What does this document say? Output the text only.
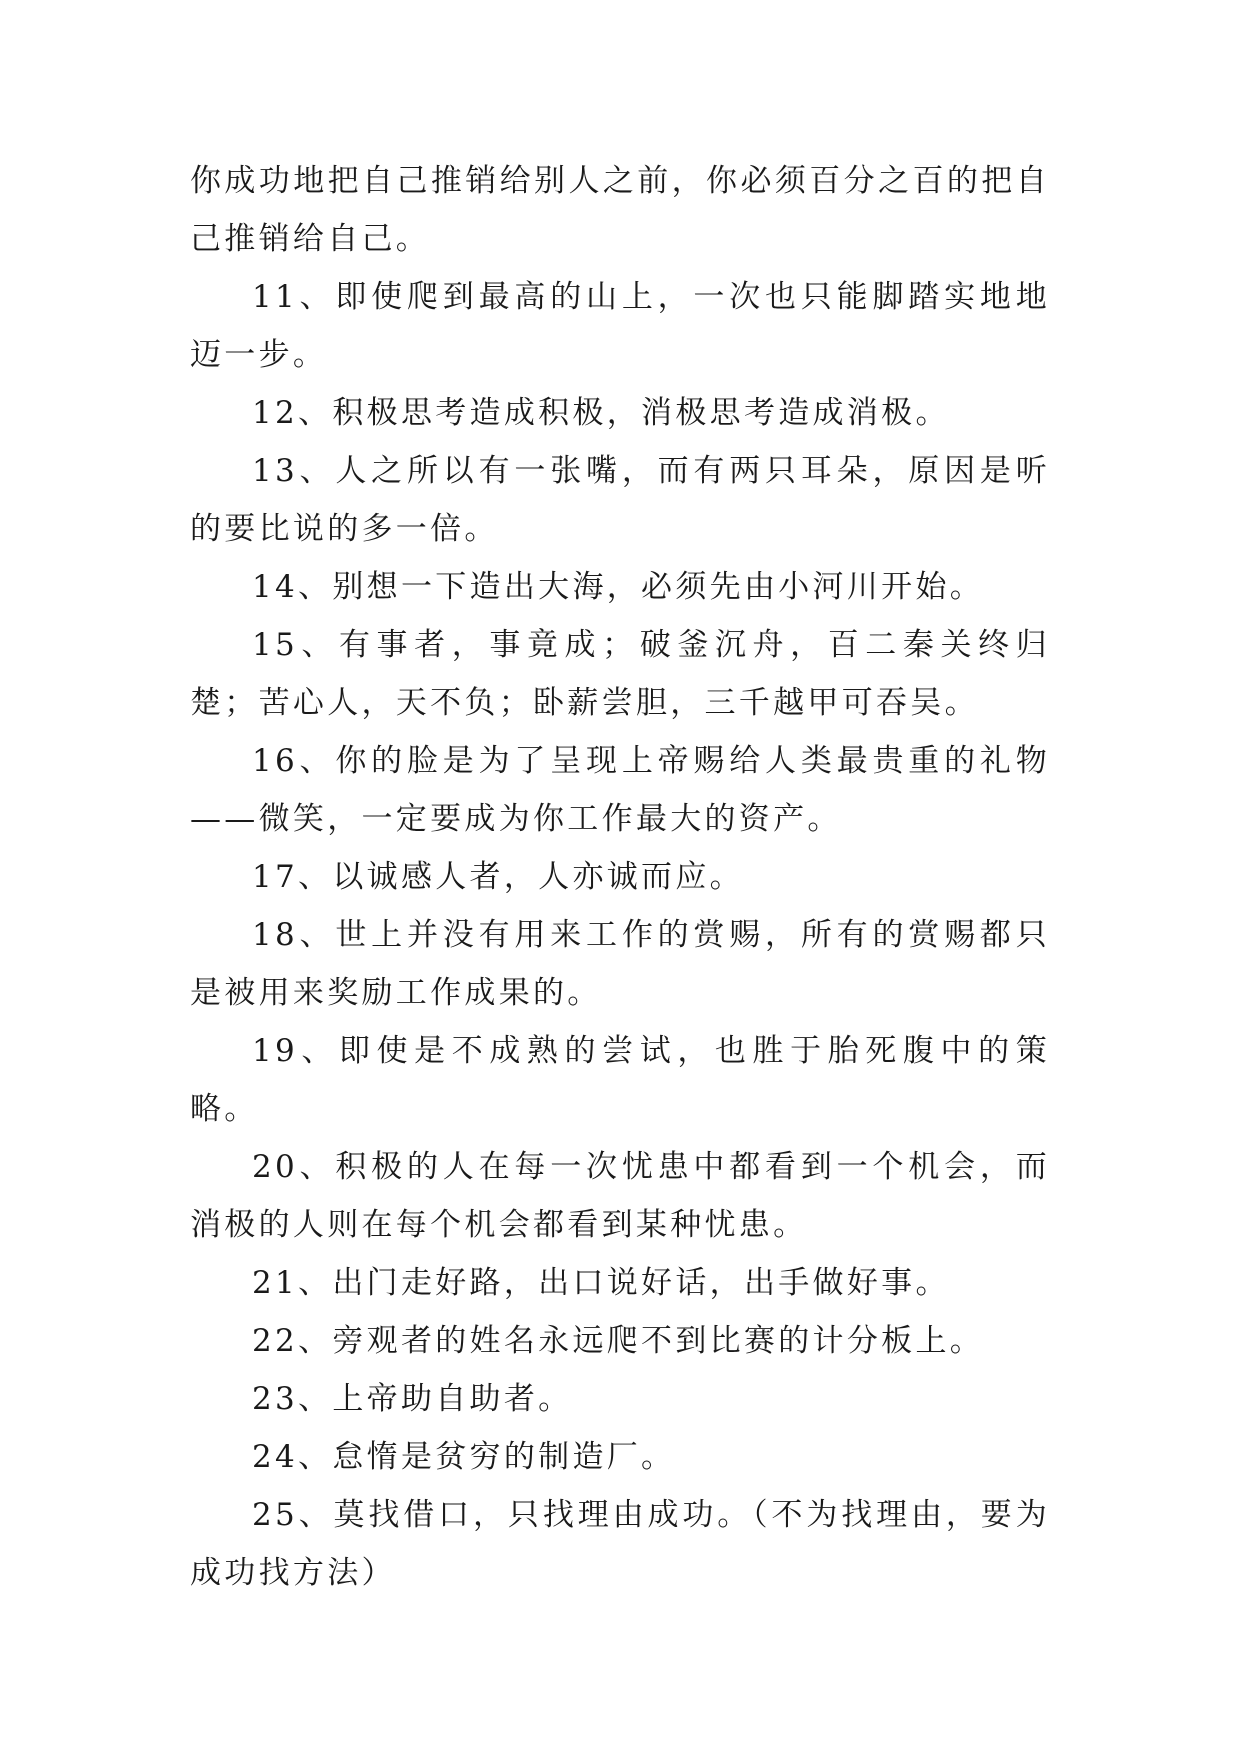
你成功地把自己推销给别人之前，你必须百分之百的把自己推销给自己。

11、即使爬到最高的山上，一次也只能脚踏实地地迈一步。

12、积极思考造成积极，消极思考造成消极。

13、人之所以有一张嘴，而有两只耳朵，原因是听的要比说的多一倍。

14、别想一下造出大海，必须先由小河川开始。

15、有事者，事竟成；破釜沉舟，百二秦关终归楚；苦心人，天不负；卧薪尝胆，三千越甲可吞吴。

16、你的脸是为了呈现上帝赐给人类最贵重的礼物——微笑，一定要成为你工作最大的资产。

17、以诚感人者，人亦诚而应。

18、世上并没有用来工作的赏赐，所有的赏赐都只是被用来奖励工作成果的。

19、即使是不成熟的尝试，也胜于胎死腹中的策略。

20、积极的人在每一次忧患中都看到一个机会，而消极的人则在每个机会都看到某种忧患。

21、出门走好路，出口说好话，出手做好事。

22、旁观者的姓名永远爬不到比赛的计分板上。

23、上帝助自助者。

24、怠惰是贫穷的制造厂。

25、莫找借口，只找理由成功。（不为找理由，要为成功找方法）
